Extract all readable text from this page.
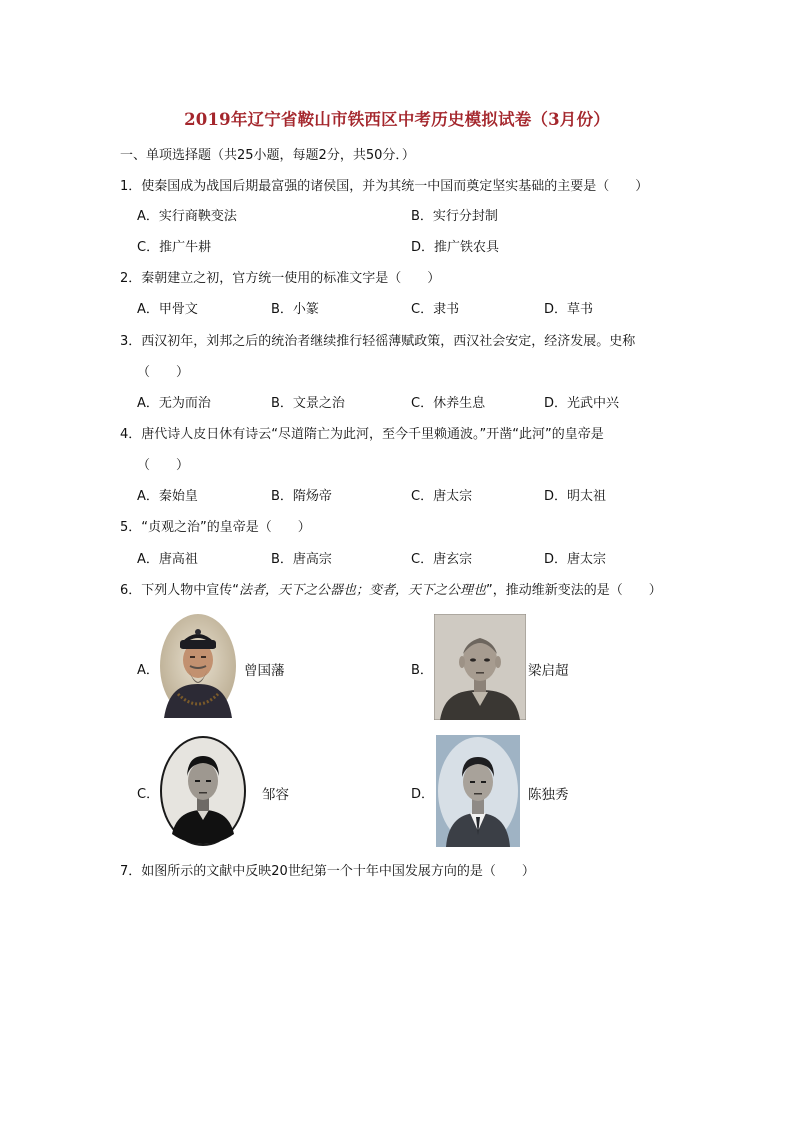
2019年辽宁省鞍山市铁西区中考历史模拟试卷（3月份）
一、单项选择题（共25小题，每题2分，共50分．）
1．使秦国成为战国后期最富强的诸侯国，并为其统一中国而奠定坚实基础的主要是（　　）
A．实行商鞅变法	B．实行分封制
C．推广牛耕	D．推广铁农具
2．秦朝建立之初，官方统一使用的标准文字是（　　）
A．甲骨文	B．小篆	C．隶书	D．草书
3．西汉初年，刘邦之后的统治者继续推行轻徭薄赋政策，西汉社会安定，经济发展。史称
（　　）
A．无为而治	B．文景之治	C．休养生息	D．光武中兴
4．唐代诗人皮日休有诗云“尽道隋亡为此河，至今千里赖通波。”开凿“此河”的皇帝是
（　　）
A．秦始皇	B．隋炀帝	C．唐太宗	D．明太祖
5．“贞观之治”的皇帝是（　　）
A．唐高祖	B．唐高宗	C．唐玄宗	D．唐太宗
6．下列人物中宣传“法者，天下之公器也；变者，天下之公理也”，推动维新变法的是（　　）
A．	曾国藩	B．	梁启超
C．	邹容	D．	陈独秀
7．如图所示的文献中反映20世纪第一个十年中国发展方向的是（　　）
